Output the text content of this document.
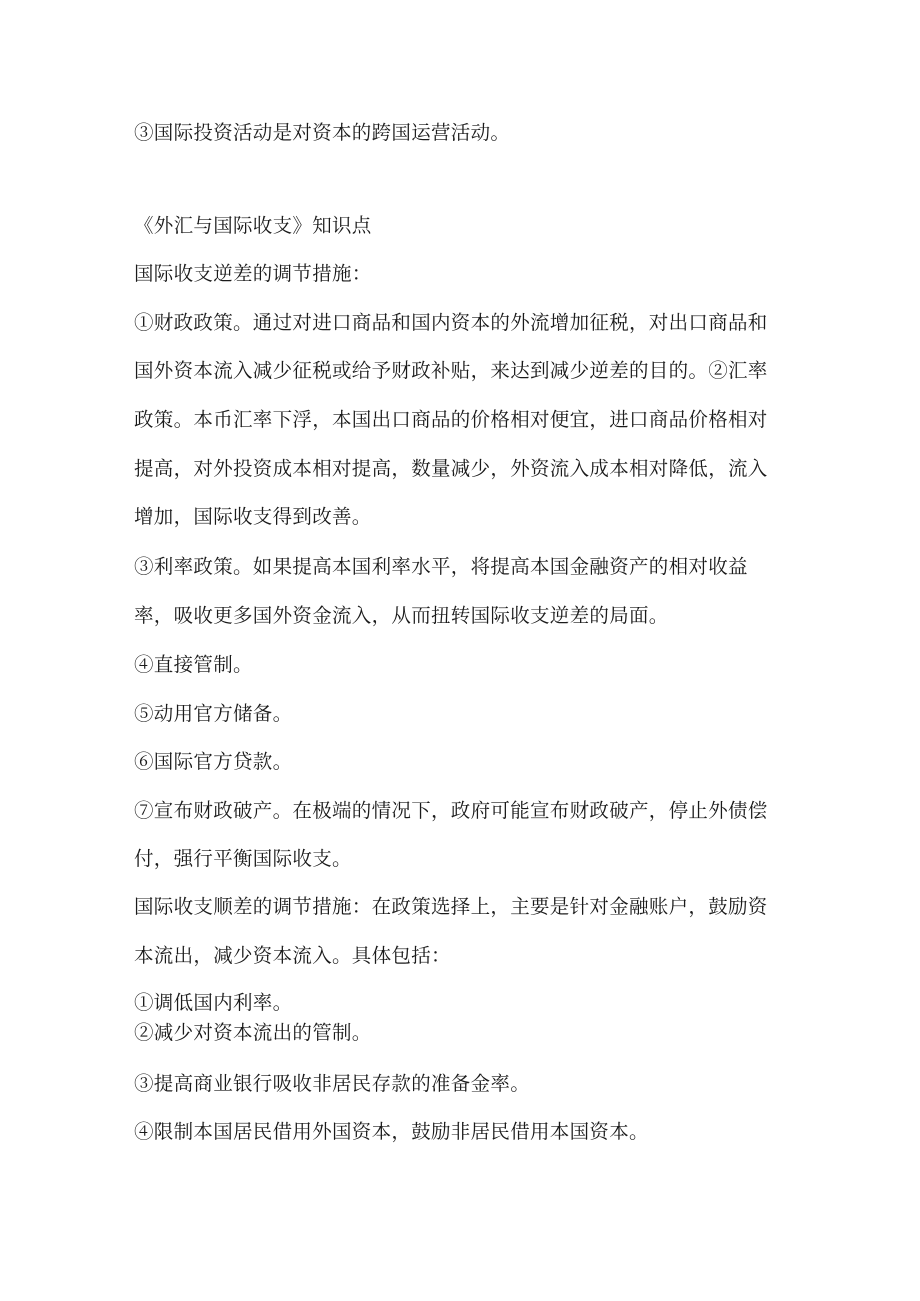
③国际投资活动是对资本的跨国运营活动。
《外汇与国际收支》知识点
国际收支逆差的调节措施：
①财政政策。通过对进口商品和国内资本的外流增加征税，对出口商品和
国外资本流入减少征税或给予财政补贴，来达到减少逆差的目的。②汇率
政策。本币汇率下浮，本国出口商品的价格相对便宜，进口商品价格相对
提高，对外投资成本相对提高，数量减少，外资流入成本相对降低，流入
增加，国际收支得到改善。
③利率政策。如果提高本国利率水平，将提高本国金融资产的相对收益
率，吸收更多国外资金流入，从而扭转国际收支逆差的局面。
④直接管制。
⑤动用官方储备。
⑥国际官方贷款。
⑦宣布财政破产。在极端的情况下，政府可能宣布财政破产，停止外债偿
付，强行平衡国际收支。
国际收支顺差的调节措施：在政策选择上，主要是针对金融账户，鼓励资
本流出，减少资本流入。具体包括：
①调低国内利率。
②减少对资本流出的管制。
③提高商业银行吸收非居民存款的准备金率。
④限制本国居民借用外国资本，鼓励非居民借用本国资本。
